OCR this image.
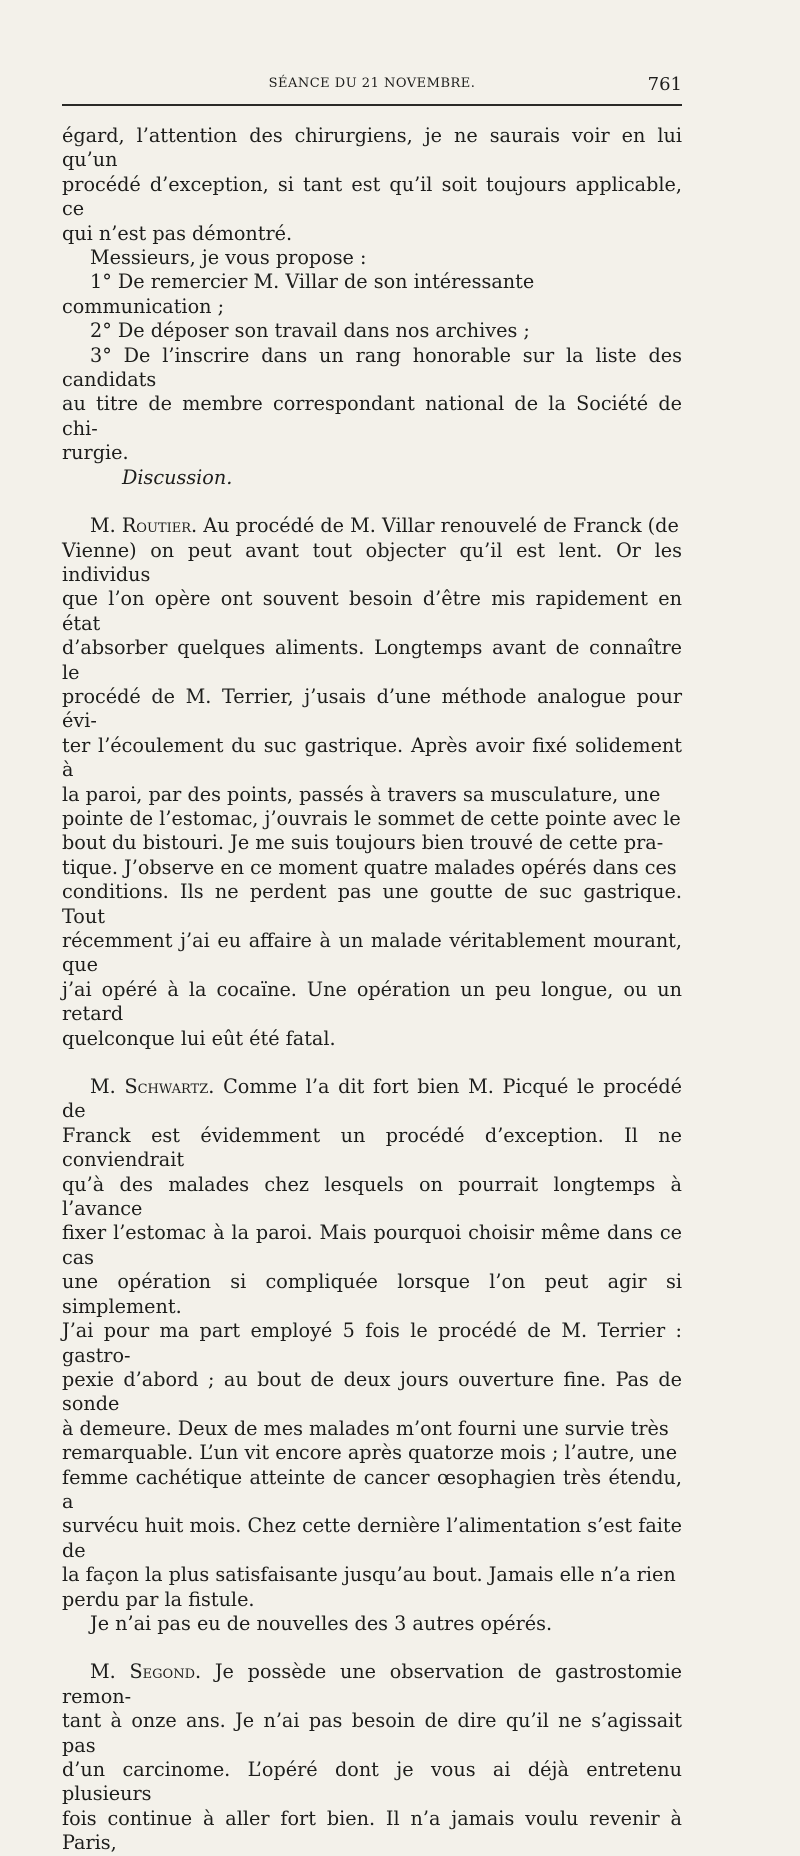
SÉANCE DU 21 NOVEMBRE.	761

égard, l’attention des chirurgiens, je ne saurais voir en lui qu’un

procédé d’exception, si tant est qu’il soit toujours applicable, ce

qui n’est pas démontré.

Messieurs, je vous propose :

1° De remercier M. Villar de son intéressante communication ;

2° De déposer son travail dans nos archives ;

3° De l’inscrire dans un rang honorable sur la liste des candidats

au titre de membre correspondant national de la Société de chi-

rurgie.

Discussion.

M. Routier. Au procédé de M. Villar renouvelé de Franck (de

Vienne) on peut avant tout objecter qu’il est lent. Or les individus

que l’on opère ont souvent besoin d’être mis rapidement en état

d’absorber quelques aliments. Longtemps avant de connaître le

procédé de M. Terrier, j’usais d’une méthode analogue pour évi-

ter l’écoulement du suc gastrique. Après avoir fixé solidement à

la paroi, par des points, passés à travers sa musculature, une

pointe de l’estomac, j’ouvrais le sommet de cette pointe avec le

bout du bistouri. Je me suis toujours bien trouvé de cette pra-

tique. J’observe en ce moment quatre malades opérés dans ces

conditions. Ils ne perdent pas une goutte de suc gastrique. Tout

récemment j’ai eu affaire à un malade véritablement mourant, que

j’ai opéré à la cocaïne. Une opération un peu longue, ou un retard

quelconque lui eût été fatal.

M. Schwartz. Comme l’a dit fort bien M. Picqué le procédé de

Franck est évidemment un procédé d’exception. Il ne conviendrait

qu’à des malades chez lesquels on pourrait longtemps à l’avance

fixer l’estomac à la paroi. Mais pourquoi choisir même dans ce cas

une opération si compliquée lorsque l’on peut agir si simplement.

J’ai pour ma part employé 5 fois le procédé de M. Terrier : gastro-

pexie d’abord ; au bout de deux jours ouverture fine. Pas de sonde

à demeure. Deux de mes malades m’ont fourni une survie très

remarquable. L’un vit encore après quatorze mois ; l’autre, une

femme cachétique atteinte de cancer œsophagien très étendu, a

survécu huit mois. Chez cette dernière l’alimentation s’est faite de

la façon la plus satisfaisante jusqu’au bout. Jamais elle n’a rien

perdu par la fistule.

Je n’ai pas eu de nouvelles des 3 autres opérés.

M. Segond. Je possède une observation de gastrostomie remon-

tant à onze ans. Je n’ai pas besoin de dire qu’il ne s’agissait pas

d’un carcinome. L’opéré dont je vous ai déjà entretenu plusieurs

fois continue à aller fort bien. Il n’a jamais voulu revenir à Paris,
